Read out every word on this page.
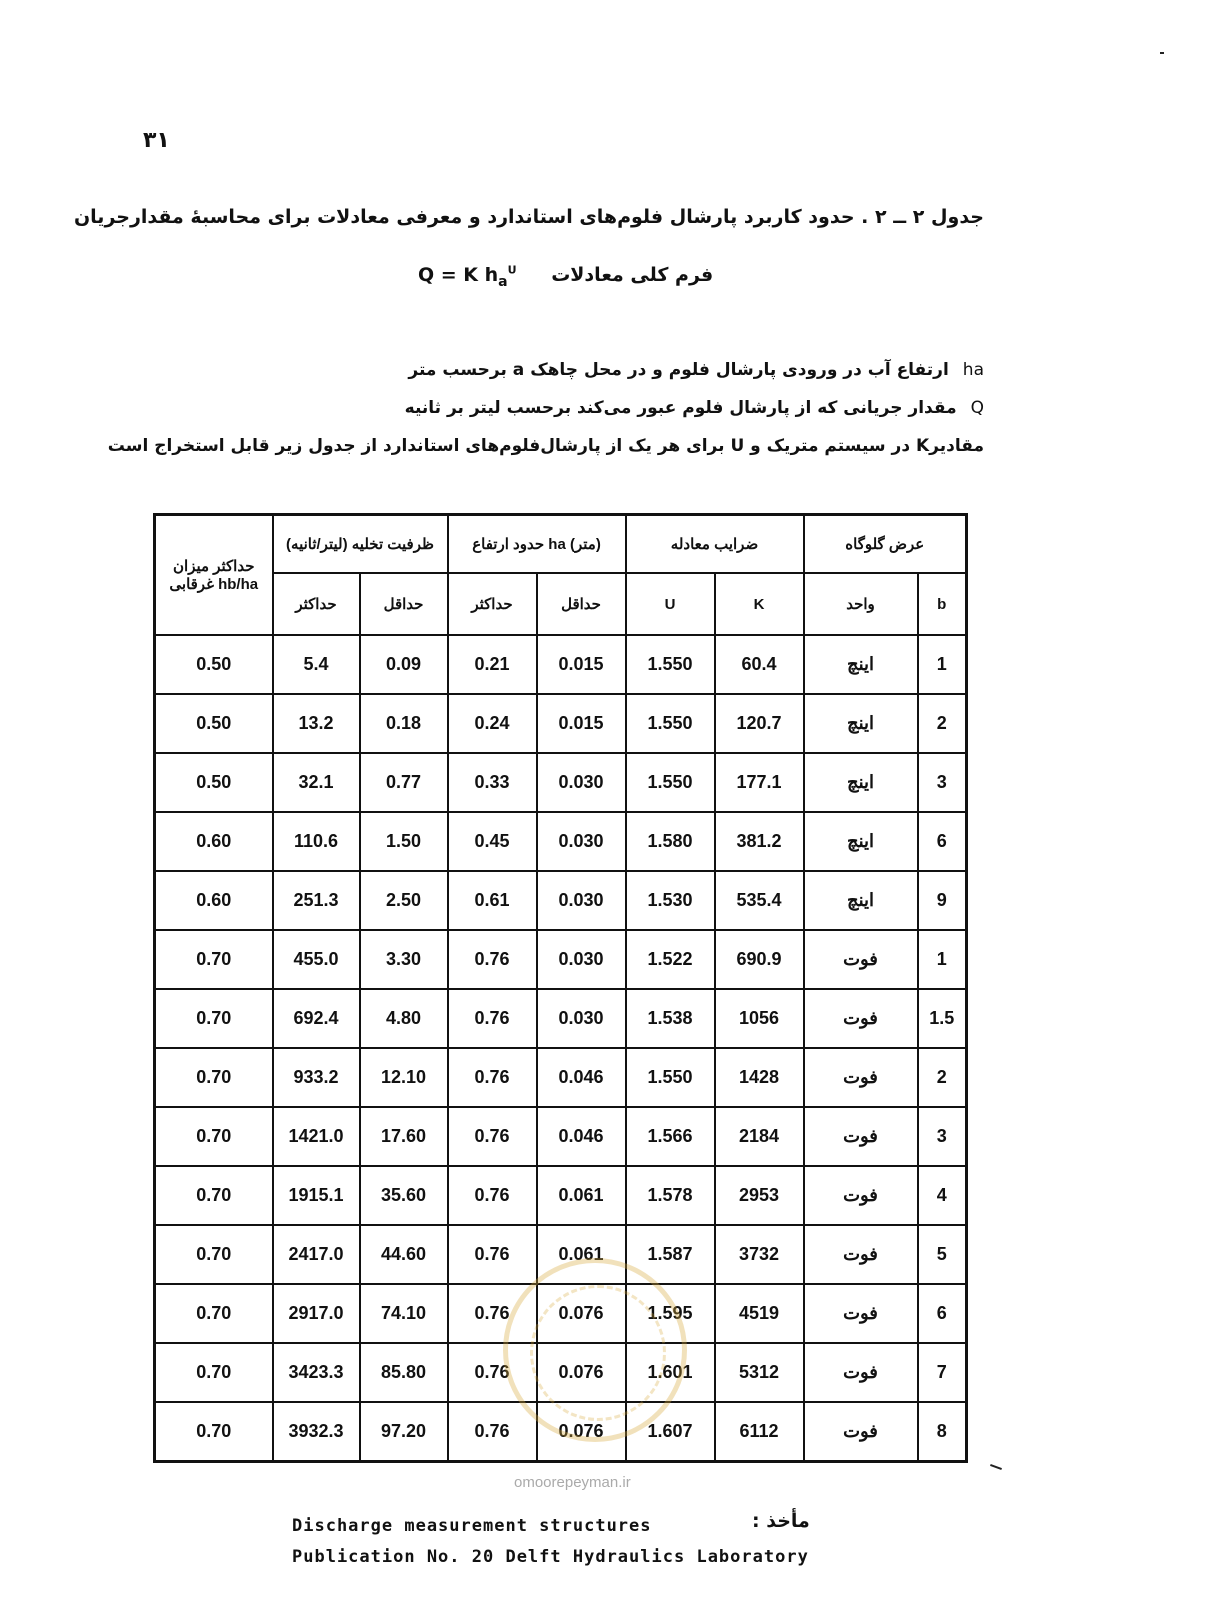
۳۱
جدول ۲ ــ ۲ . حدود کاربرد پارشال فلوم‌های استاندارد و معرفی معادلات برای محاسبهٔ مقدارجریان
Q = K $h_a^U$ فرم کلی معادلات
haارتفاع آب در ورودی پارشال فلوم و در محل چاهک a برحسب متر
Qمقدار جریانی که از پارشال فلوم عبور می‌کند برحسب لیتر بر ثانیه
مقادیرK در سیستم متریک و U برای هر یک از پارشال‌فلوم‌های استاندارد از جدول زیر قابل استخراج است
حداکثر میزان غرقابی hb/ha	ظرفیت تخلیه (لیتر/ثانیه)		حدود ارتفاع ha (متر)		ضرایب معادله		عرض گلوگاه	
	حداکثر	حداقل	حداکثر	حداقل	U	K	واحد	b
0.50	5.4	0.09	0.21	0.015	1.550	60.4	اینچ	1
0.50	13.2	0.18	0.24	0.015	1.550	120.7	اینچ	2
0.50	32.1	0.77	0.33	0.030	1.550	177.1	اینچ	3
0.60	110.6	1.50	0.45	0.030	1.580	381.2	اینچ	6
0.60	251.3	2.50	0.61	0.030	1.530	535.4	اینچ	9
0.70	455.0	3.30	0.76	0.030	1.522	690.9	فوت	1
0.70	692.4	4.80	0.76	0.030	1.538	1056	فوت	1.5
0.70	933.2	12.10	0.76	0.046	1.550	1428	فوت	2
0.70	1421.0	17.60	0.76	0.046	1.566	2184	فوت	3
0.70	1915.1	35.60	0.76	0.061	1.578	2953	فوت	4
0.70	2417.0	44.60	0.76	0.061	1.587	3732	فوت	5
0.70	2917.0	74.10	0.76	0.076	1.595	4519	فوت	6
0.70	3423.3	85.80	0.76	0.076	1.601	5312	فوت	7
0.70	3932.3	97.20	0.76	0.076	1.607	6112	فوت	8
omoorepeyman.ir
مأخذ :
Discharge measurement structures
Publication No. 20 Delft Hydraulics Laboratory
